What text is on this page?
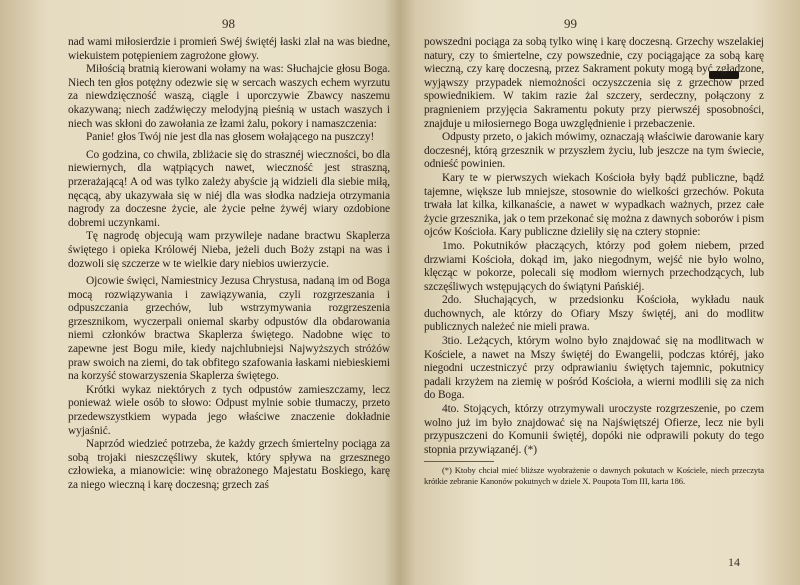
98

nad wami miłosierdzie i promień Swéj świętéj łaski zlał na was biedne, wiekuistem potępieniem zagrożone głowy.

Miłością bratnią kierowani wołamy na was: Słuchajcie głosu Boga. Niech ten głos potężny odezwie się w sercach waszych echem wyrzutu za niewdzięczność waszą, ciągle i uporczywie Zbawcy naszemu okazywaną; niech zadźwięczy melodyjną pieśnią w ustach waszych i niech was skłoni do zawołania ze łzami żalu, pokory i namaszczenia:

Panie! głos Twój nie jest dla nas głosem wołającego na puszczy!

Co godzina, co chwila, zbliżacie się do strasznéj wieczności, bo dla niewiernych, dla wątpiących nawet, wieczność jest straszną, przerażającą! A od was tylko zależy abyście ją widzieli dla siebie miłą, nęcącą, aby ukazywała się w niéj dla was słodka nadzieja otrzymania nagrody za doczesne życie, ale życie pełne żywéj wiary ozdobione dobremi uczynkami.

Tę nagrodę objecują wam przywileje nadane bractwu Skaplerza świętego i opieka Królowéj Nieba, jeżeli duch Boży zstąpi na was i dozwoli się szczerze w te wielkie dary niebios uwierzycie.

Ojcowie święci, Namiestnicy Jezusa Chrystusa, nadaną im od Boga mocą rozwiązywania i zawiązywania, czyli rozgrzeszania i odpuszczania grzechów, lub wstrzymywania rozgrzeszenia grzesznikom, wyczerpali oniemal skarby odpustów dla obdarowania niemi członków bractwa Skaplerza świętego. Nadobne więc to zapewne jest Bogu miłe, kiedy najchlubniejsi Najwyższych stróżów praw swoich na ziemi, do tak obfitego szafowania łaskami niebieskiemi na korzyść stowarzyszenia Skaplerza świętego.

Krótki wykaz niektórych z tych odpustów zamieszczamy, lecz ponieważ wiele osób to słowo: Odpust mylnie sobie tłumaczy, przeto przedewszystkiem wypada jego właściwe znaczenie dokładnie wyjaśnić.

Naprzód wiedzieć potrzeba, że każdy grzech śmiertelny pociąga za sobą trojaki nieszczęśliwy skutek, który spływa na grzesznego człowieka, a mianowicie: winę obrażonego Majestatu Boskiego, karę za niego wieczną i karę doczesną; grzech zaś

99

powszedni pociąga za sobą tylko winę i karę doczesną. Grzechy wszelakiej natury, czy to śmiertelne, czy powszednie, czy pociągające za sobą karę wieczną, czy karę doczesną, przez Sakrament pokuty mogą być zgładzone, wyjąwszy przypadek niemożności oczyszczenia się z grzechów przed spowiednikiem. W takim razie żal szczery, serdeczny, połączony z pragnieniem przyjęcia Sakramentu pokuty przy pierwszéj sposobności, znajduje u miłosiernego Boga uwzględnienie i przebaczenie.

Odpusty przeto, o jakich mówimy, oznaczają właściwie darowanie kary doczesnéj, którą grzesznik w przyszłem życiu, lub jeszcze na tym świecie, odnieść powinien.

Kary te w pierwszych wiekach Kościoła były bądź publiczne, bądź tajemne, większe lub mniejsze, stosownie do wielkości grzechów. Pokuta trwała lat kilka, kilkanaście, a nawet w wypadkach ważnych, przez całe życie grzesznika, jak o tem przekonać się można z dawnych soborów i pism ojców Kościoła. Kary publiczne dzieliły się na cztery stopnie:

1mo. Pokutników płaczących, którzy pod gołem niebem, przed drzwiami Kościoła, dokąd im, jako niegodnym, wejść nie było wolno, klęcząc w pokorze, polecali się modłom wiernych przechodzących, lub szczęśliwych wstępujących do świątyni Pańskiéj.

2do. Słuchających, w przedsionku Kościoła, wykładu nauk duchownych, ale którzy do Ofiary Mszy świętéj, ani do modlitw publicznych należeć nie mieli prawa.

3tio. Leżących, którym wolno było znajdować się na modlitwach w Kościele, a nawet na Mszy świętéj do Ewangelii, podczas któréj, jako niegodni uczestniczyć przy odprawianiu świętych tajemnic, pokutnicy padali krzyżem na ziemię w pośród Kościoła, a wierni modlili się za nich do Boga.

4to. Stojących, którzy otrzymywali uroczyste rozgrzeszenie, po czem wolno już im było znajdować się na Najświętszéj Ofierze, lecz nie byli przypuszczeni do Komunii świętéj, dopóki nie odprawili pokuty do tego stopnia przywiązanéj. (*)

(*) Ktoby chciał mieć bliższe wyobrażenie o dawnych pokutach w Kościele, niech przeczyta krótkie zebranie Kanonów pokutnych w dziele X. Poupota Tom III, karta 186.

14
